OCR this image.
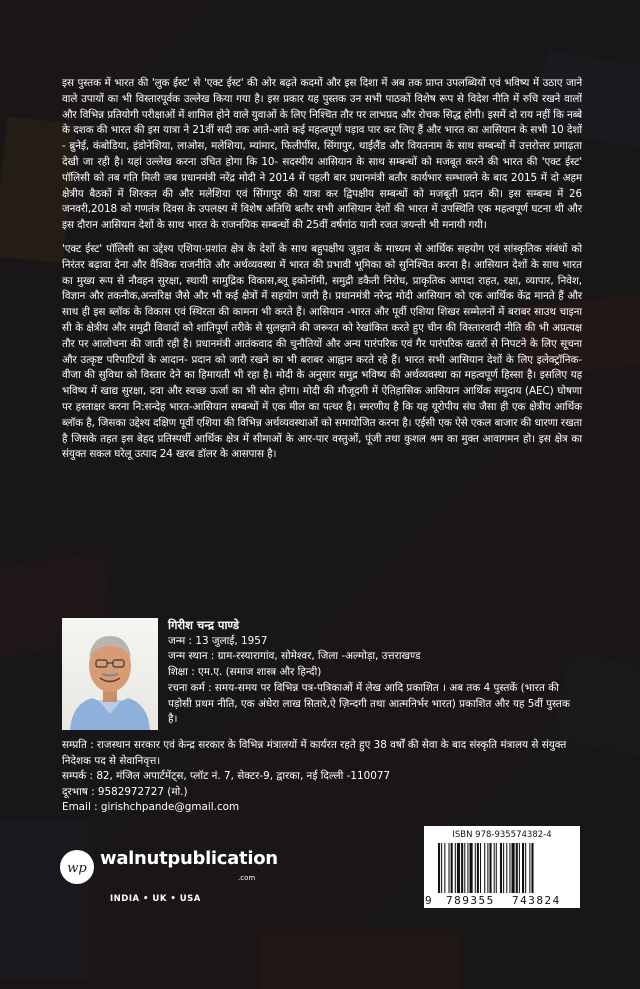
इस पुस्तक में भारत की 'लुक ईस्ट' से 'एक्ट ईस्ट' की ओर बढ़ते कदमों और इस दिशा में अब तक प्राप्त उपलब्धियों एवं भविष्य में उठाए जाने वाले उपायों का भी विस्तारपूर्वक उल्लेख किया गया है। इस प्रकार यह पुस्तक उन सभी पाठकों विशेष रूप से विदेश नीति में रुचि रखने वालों और विभिन्न प्रतियोगी परीक्षाओं में शामिल होने वाले युवाओं के लिए निश्चित तौर पर लाभप्रद और रोचक सिद्ध होगी। इसमें दो राय नहीं कि नब्बे के दशक की भारत की इस यात्रा ने 21वीं सदी तक आते-आते कई महत्वपूर्ण पड़ाव पार कर लिए हैं और भारत का आसियान के सभी 10 देशों - ब्रुनेई, कंबोडिया, इंडोनेशिया, लाओस, मलेशिया, म्यांमार, फिलीपींस, सिंगापुर, थाईलैंड और वियतनाम के साथ सम्बन्धों में उत्तरोत्तर प्रगाढ़ता देखी जा रही है। यहां उल्लेख करना उचित होगा कि 10- सदस्यीय आसियान के साथ सम्बन्धों को मजबूत करने की भारत की 'एक्ट ईस्ट' पॉलिसी को तब गति मिली जब प्रधानमंत्री नरेंद्र मोदी ने 2014 में पहली बार प्रधानमंत्री बतौर कार्यभार सम्भालने के बाद 2015 में दो अहम क्षेत्रीय बैठकों में शिरकत की और मलेशिया एवं सिंगापुर की यात्रा कर द्विपक्षीय सम्बन्धों को मजबूती प्रदान की। इस सम्बन्ध में 26 जनवरी,2018 को गणतंत्र दिवस के उपलक्ष्य में विशेष अतिथि बतौर सभी आसियान देशों की भारत में उपस्थिति एक महत्वपूर्ण घटना थी और इस दौरान आसियान देशों के साथ भारत के राजनयिक सम्बन्धों की 25वीं वर्षगांठ यानी रजत जयन्ती भी मनायी गयी।

'एक्ट ईस्ट' पॉलिसी का उद्देश्य एशिया-प्रशांत क्षेत्र के देशों के साथ बहुपक्षीय जुड़ाव के माध्यम से आर्थिक सहयोग एवं सांस्कृतिक संबंधों को निरंतर बढ़ावा देना और वैश्विक राजनीति और अर्थव्यवस्था में भारत की प्रभावी भूमिका को सुनिश्चित करना है। आसियान देशों के साथ भारत का मुख्य रूप से नौवहन सुरक्षा, स्थायी सामुद्रिक विकास,ब्लू इकोनॉमी, समुद्री डकैती निरोध, प्राकृतिक आपदा राहत, रक्षा, व्यापार, निवेश, विज्ञान और तकनीक,अन्तरिक्ष जैसे और भी कई क्षेत्रों में सहयोग जारी है। प्रधानमंत्री नरेन्द्र मोदी आसियान को एक आर्थिक केंद्र मानते हैं और साथ ही इस ब्लॉक के विकास एवं स्थिरता की कामना भी करते हैं। आसियान -भारत और पूर्वी एशिया शिखर सम्मेलनों में बराबर साउथ चाइना सी के क्षेत्रीय और समुद्री विवादों को शांतिपूर्ण तरीके से सुलझाने की जरूरत को रेखांकित करते हुए चीन की विस्तारवादी नीति की भी अप्रत्यक्ष तौर पर आलोचना की जाती रही है। प्रधानमंत्री आतंकवाद की चुनौतियों और अन्य पारंपरिक एवं गैर पारंपरिक खतरों से निपटने के लिए सूचना और उत्कृष्ट परिपाटियों के आदान- प्रदान को जारी रखने का भी बराबर आह्वान करते रहे हैं। भारत सभी आसियान देशों के लिए इलेक्ट्रॉनिक-वीजा की सुविधा को विस्तार देने का हिमायती भी रहा है। मोदी के अनुसार समुद्र भविष्य की अर्थव्यवस्था का महत्वपूर्ण हिस्सा है। इसलिए यह भविष्य में खाद्य सुरक्षा, दवा और स्वच्छ ऊर्जा का भी स्रोत होगा। मोदी की मौजूदगी में ऐतिहासिक आसियान आर्थिक समुदाय (AEC) घोषणा पर हस्ताक्षर करना नि:सन्देह भारत-आसियान सम्बन्धों में एक मील का पत्थर है। स्मरणीय है कि यह यूरोपीय संघ जैसा ही एक क्षेत्रीय आर्थिक ब्लॉक है, जिसका उद्देश्य दक्षिण पूर्वी एशिया की विभिन्न अर्थव्यवस्थाओं को समायोजित करना है। एईसी एक ऐसे एकल बाजार की धारणा रखता है जिसके तहत इस बेहद प्रतिस्पर्धी आर्थिक क्षेत्र में सीमाओं के आर-पार वस्तुओं, पूंजी तथा कुशल श्रम का मुक्त आवागमन हो। इस क्षेत्र का संयुक्त सकल घरेलू उत्पाद 24 खरब डॉलर के आसपास है।

गिरीश चन्द्र पाण्डे
जन्म : 13 जुलाई, 1957
जन्म स्थान : ग्राम-रस्यारागांव, सोमेश्वर, जिला -अल्मोड़ा, उत्तराखण्ड
शिक्षा : एम.ए. (समाज शास्त्र और हिन्दी)
रचना कर्म : समय-समय पर विभिन्न पत्र-पत्रिकाओं में लेख आदि प्रकाशित । अब तक 4 पुस्तकें (भारत की पड़ोसी प्रथम नीति, एक अंधेरा लाख सितारे,ऐ ज़िन्दगी तथा आत्मनिर्भर भारत) प्रकाशित और यह 5वीं पुस्तक है।

सम्प्रति : राजस्थान सरकार एवं केन्द्र सरकार के विभिन्न मंत्रालयों में कार्यरत रहते हुए 38 वर्षों की सेवा के बाद संस्कृति मंत्रालय से संयुक्त निदेशक पद से सेवानिवृत्त।

सम्पर्क : 82, मंजिल अपार्टमेंट्स, प्लॉट नं. 7, सेक्टर-9, द्वारका, नई दिल्ली -110077

दूरभाष : 9582972727 (मो.)

Email : girishchpande@gmail.com

wp walnutpublication
.com
INDIA • UK • USA
ISBN 978-935574382-4
9 789355 743824
